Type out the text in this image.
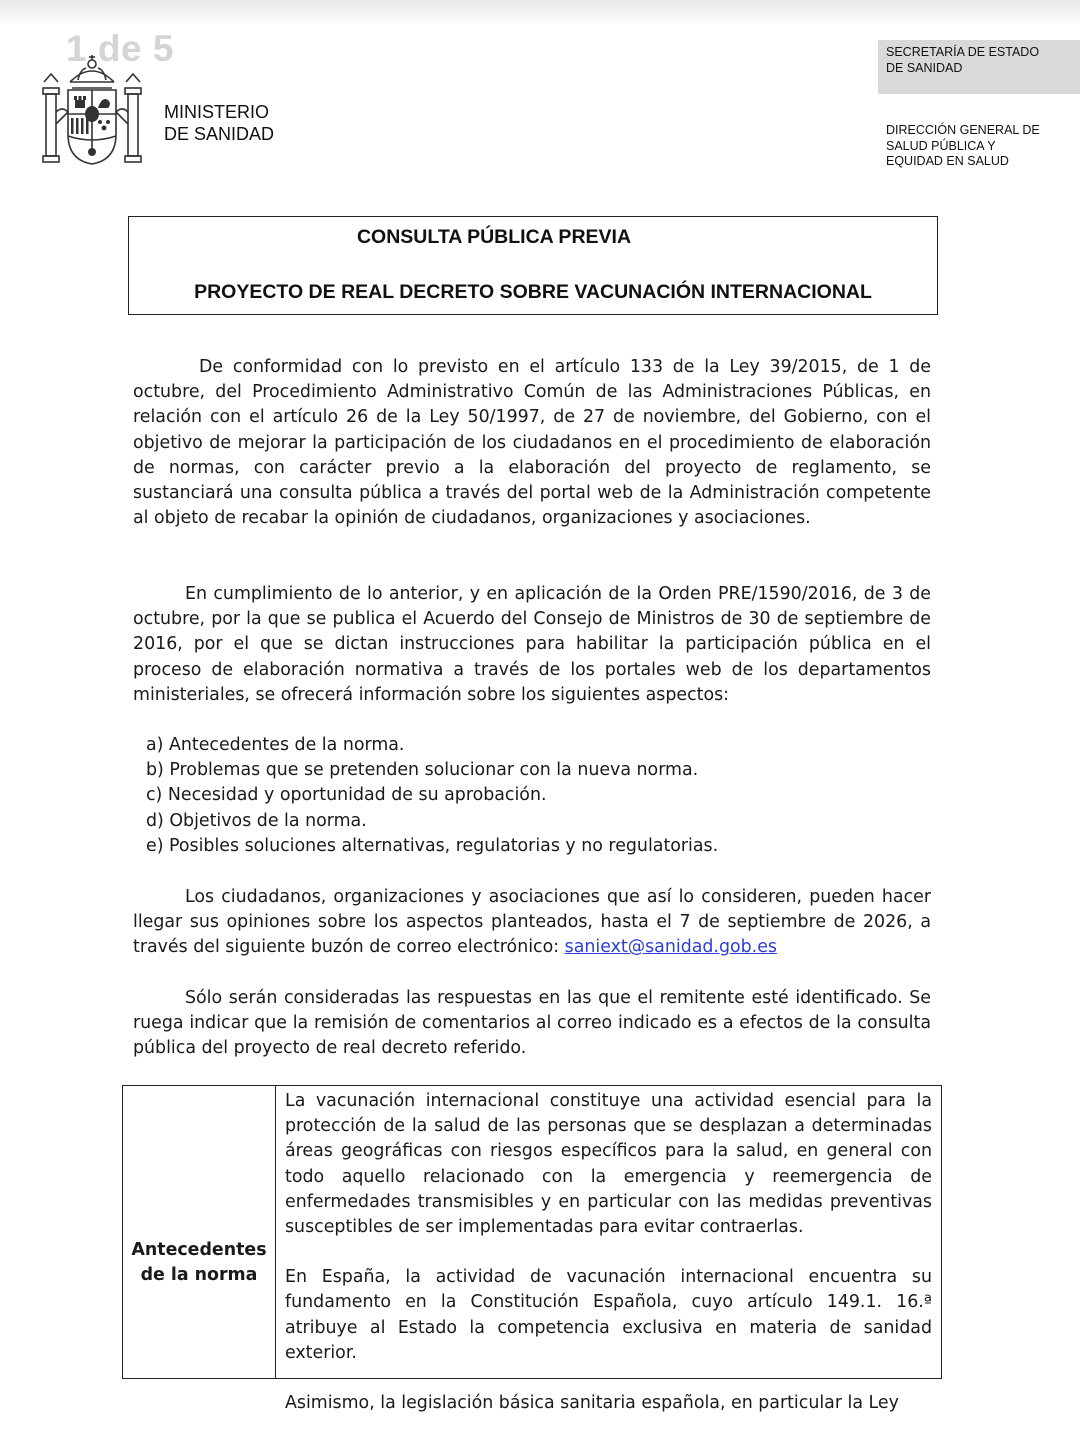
1 de 5
MINISTERIO
DE SANIDAD
SECRETARÍA DE ESTADO
DE SANIDAD
DIRECCIÓN GENERAL DE
SALUD PÚBLICA Y
EQUIDAD EN SALUD
CONSULTA PÚBLICA PREVIA
PROYECTO DE REAL DECRETO SOBRE VACUNACIÓN INTERNACIONAL

De conformidad con lo previsto en el artículo 133 de la Ley 39/2015, de 1 de octubre, del Procedimiento Administrativo Común de las Administraciones Públicas, en relación con el artículo 26 de la Ley 50/1997, de 27 de noviembre, del Gobierno, con el objetivo de mejorar la participación de los ciudadanos en el procedimiento de elaboración de normas, con carácter previo a la elaboración del proyecto de reglamento, se sustanciará una consulta pública a través del portal web de la Administración competente al objeto de recabar la opinión de ciudadanos, organizaciones y asociaciones.

En cumplimiento de lo anterior, y en aplicación de la Orden PRE/1590/2016, de 3 de octubre, por la que se publica el Acuerdo del Consejo de Ministros de 30 de septiembre de 2016, por el que se dictan instrucciones para habilitar la participación pública en el proceso de elaboración normativa a través de los portales web de los departamentos ministeriales, se ofrecerá información sobre los siguientes aspectos:

a) Antecedentes de la norma.
b) Problemas que se pretenden solucionar con la nueva norma.
c) Necesidad y oportunidad de su aprobación.
d) Objetivos de la norma.
e) Posibles soluciones alternativas, regulatorias y no regulatorias.

Los ciudadanos, organizaciones y asociaciones que así lo consideren, pueden hacer llegar sus opiniones sobre los aspectos planteados, hasta el 7 de septiembre de 2026, a través del siguiente buzón de correo electrónico: saniext@sanidad.gob.es

Sólo serán consideradas las respuestas en las que el remitente esté identificado. Se ruega indicar que la remisión de comentarios al correo indicado es a efectos de la consulta pública del proyecto de real decreto referido.

Antecedentes
de la norma

La vacunación internacional constituye una actividad esencial para la protección de la salud de las personas que se desplazan a determinadas áreas geográficas con riesgos específicos para la salud, en general con todo aquello relacionado con la emergencia y reemergencia de enfermedades transmisibles y en particular con las medidas preventivas susceptibles de ser implementadas para evitar contraerlas.

En España, la actividad de vacunación internacional encuentra su fundamento en la Constitución Española, cuyo artículo 149.1. 16.ª atribuye al Estado la competencia exclusiva en materia de sanidad exterior.

Asimismo, la legislación básica sanitaria española, en particular la Ley
